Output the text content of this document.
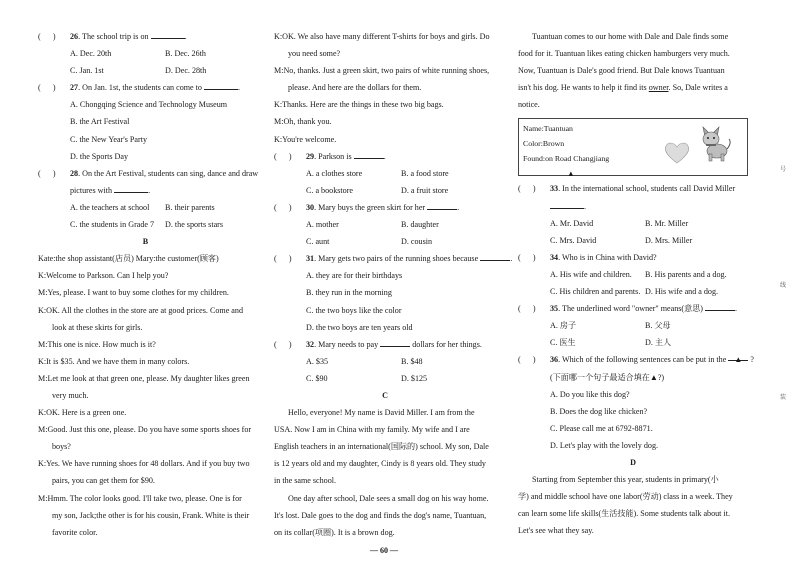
(      )	26. The school trip is on	.
A. Dec. 20th	B. Dec. 26th
C. Jan. 1st	D. Dec. 28th
(      )	27. On Jan. 1st, the students can come to	.
A. Chongqing Science and Technology Museum
B. the Art Festival
C. the New Year's Party
D. the Sports Day
(      )	28. On the Art Festival, students can sing, dance and draw
pictures with	.
A. the teachers at school	B. their parents
C. the students in Grade 7	D. the sports stars
B
Kate:the shop assistant(店员) Mary:the customer(顾客)
K:Welcome to Parkson. Can I help you?
M:Yes, please. I want to buy some clothes for my children.
K:OK. All the clothes in the store are at good prices. Come and
look at these skirts for girls.
M:This one is nice. How much is it?
K:It is $35. And we have them in many colors.
M:Let me look at that green one, please. My daughter likes green
very much.
K:OK. Here is a green one.
M:Good. Just this one, please. Do you have some sports shoes for
boys?
K:Yes. We have running shoes for 48 dollars. And if you buy two
pairs, you can get them for $90.
M:Hmm. The color looks good. I'll take two, please. One is for
my son, Jack;the other is for his cousin, Frank. White is their
favorite color.
K:OK. We also have many different T-shirts for boys and girls. Do
you need some?
M:No, thanks. Just a green skirt, two pairs of white running shoes,
please. And here are the dollars for them.
K:Thanks. Here are the things in these two big bags.
M:Oh, thank you.
K:You're welcome.
(      )	29. Parkson is	.
A. a clothes store	B. a food store
C. a bookstore	D. a fruit store
(      )	30. Mary buys the green skirt for her	.
A. mother	B. daughter
C. aunt	D. cousin
(      )	31. Mary gets two pairs of the running shoes because	.
A. they are for their birthdays
B. they run in the morning
C. the two boys like the color
D. the two boys are ten years old
(      )	32. Mary needs to pay	dollars for her things.
A. $35	B. $48
C. $90	D. $125
C
Hello, everyone! My name is David Miller. I am from the
USA. Now I am in China with my family. My wife and I are
English teachers in an international(国际的) school. My son, Dale
is 12 years old and my daughter, Cindy is 8 years old. They study
in the same school.
One day after school, Dale sees a small dog on his way home.
It's lost. Dale goes to the dog and finds the dog's name, Tuantuan,
on its collar(项圈). It is a brown dog.
Tuantuan comes to our home with Dale and Dale finds some
food for it. Tuantuan likes eating chicken hamburgers very much.
Now, Tuantuan is Dale's good friend. But Dale knows Tuantuan
isn't his dog. He wants to help it find its owner. So, Dale writes a
notice.
Name:Tuantuan
Color:Brown
Found:on Road Changjiang
▲
(      )	33. In the international school, students call David Miller
.
A. Mr. David	B. Mr. Miller
C. Mrs. David	D. Mrs. Miller
(      )	34. Who is in China with David?
A. His wife and children.	B. His parents and a dog.
C. His children and parents. D. His wife and a dog.
(      )	35. The underlined word "owner" means(意思)	.
A. 房子	B. 父母
C. 医生	D. 主人
(      )	36. Which of the following sentences can be put in the ▲ ?
(下面哪一个句子最适合填在▲?)
A. Do you like this dog?
B. Does the dog like chicken?
C. Please call me at 6792-8871.
D. Let's play with the lovely dog.
D
Starting from September this year, students in primary(小
学) and middle school have one labor(劳动) class in a week. They
can learn some life skills(生活技能). Some students talk about it.
Let's see what they say.
— 60 —
号
线
装
